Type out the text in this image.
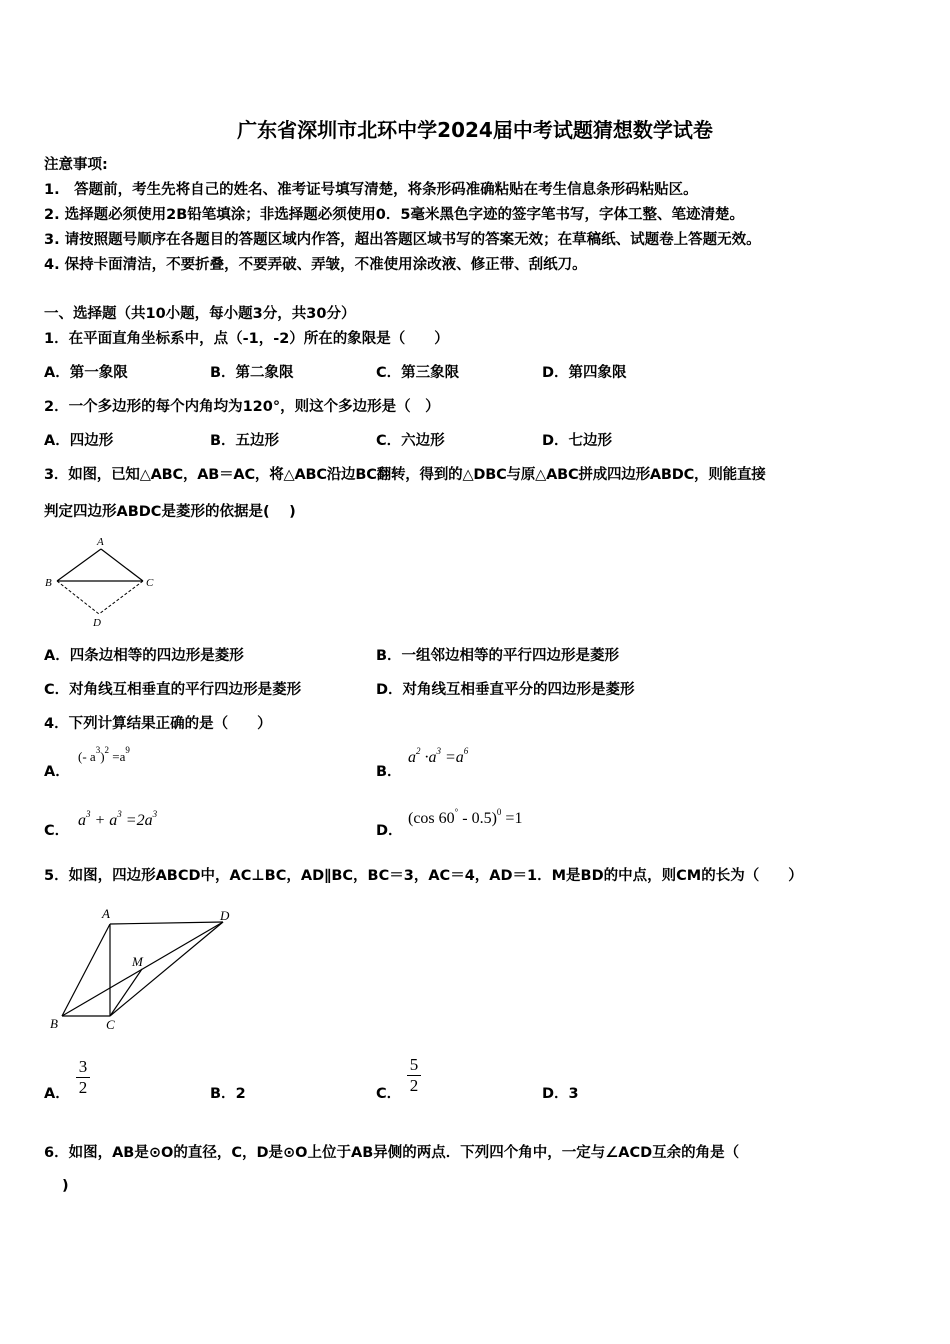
广东省深圳市北环中学2024届中考试题猜想数学试卷
注意事项:
1.　答题前，考生先将自己的姓名、准考证号填写清楚，将条形码准确粘贴在考生信息条形码粘贴区。
2. 选择题必须使用2B铅笔填涂；非选择题必须使用0．5毫米黑色字迹的签字笔书写，字体工整、笔迹清楚。
3. 请按照题号顺序在各题目的答题区域内作答，超出答题区域书写的答案无效；在草稿纸、试题卷上答题无效。
4. 保持卡面清洁，不要折叠，不要弄破、弄皱，不准使用涂改液、修正带、刮纸刀。
一、选择题（共10小题，每小题3分，共30分）
1．在平面直角坐标系中，点（-1，-2）所在的象限是（　　）
A．第一象限	B．第二象限	C．第三象限	D．第四象限
2．一个多边形的每个内角均为120°，则这个多边形是（　）
A．四边形	B．五边形	C．六边形	D．七边形
3．如图，已知△ABC，AB＝AC，将△ABC沿边BC翻转，得到的△DBC与原△ABC拼成四边形ABDC，则能直接
判定四边形ABDC是菱形的依据是(　 )
A
B	C
D
A．四条边相等的四边形是菱形	B．一组邻边相等的平行四边形是菱形
C．对角线互相垂直的平行四边形是菱形	D．对角线互相垂直平分的四边形是菱形
4．下列计算结果正确的是（　　）
A．
(- $a^3)^2 =a^9$
B．
$a^2 \cdot a^3 =a^6$
C．
$a^3 + a^3 =2a^3$
D．
(cos 60° - 0.5)$^0$ =1
5．如图，四边形ABCD中，AC⊥BC，AD∥BC，BC＝3，AC＝4，AD＝1．M是BD的中点，则CM的长为（　　）
A	D
M
B	C
A． $\frac{3}{2}$	B．2	C． $\frac{5}{2}$	D．3
6．如图，AB是⊙O的直径，C，D是⊙O上位于AB异侧的两点．下列四个角中，一定与∠ACD互余的角是（
)
